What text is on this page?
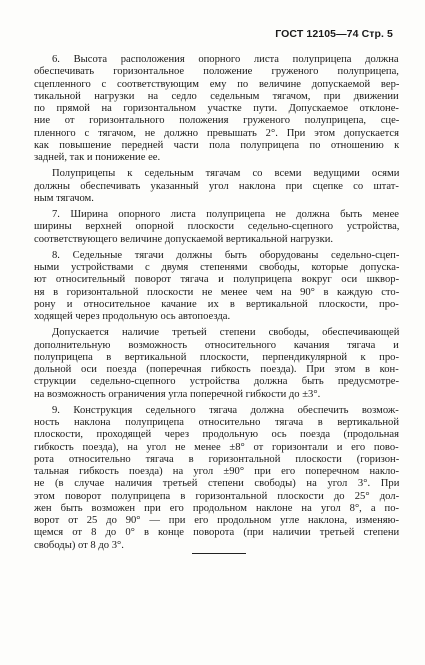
ГОСТ 12105—74 Стр. 5
6. Высота расположения опорного листа полуприцепа должна
обеспечивать горизонтальное положение груженого полуприцепа,
сцепленного с соответствующим ему по величине допускаемой вер-
тикальной нагрузки на седло седельным тягачом, при движении
по прямой на горизонтальном участке пути. Допускаемое отклоне-
ние от горизонтального положения груженого полуприцепа, сце-
пленного с тягачом, не должно превышать 2°. При этом допускается
как повышение передней части пола полуприцепа по отношению к
задней, так и понижение ее.
Полуприцепы к седельным тягачам со всеми ведущими осями
должны обеспечивать указанный угол наклона при сцепке со штат-
ным тягачом.
7. Ширина опорного листа полуприцепа не должна быть менее
ширины верхней опорной плоскости седельно-сцепного устройства,
соответствующего величине допускаемой вертикальной нагрузки.
8. Седельные тягачи должны быть оборудованы седельно-сцеп-
ными устройствами с двумя степенями свободы, которые допуска-
ют относительный поворот тягача и полуприцепа вокруг оси шквор-
ня в горизонтальной плоскости не менее чем на 90° в каждую сто-
рону и относительное качание их в вертикальной плоскости, про-
ходящей через продольную ось автопоезда.
Допускается наличие третьей степени свободы, обеспечивающей
дополнительную возможность относительного качания тягача и
полуприцепа в вертикальной плоскости, перпендикулярной к про-
дольной оси поезда (поперечная гибкость поезда). При этом в кон-
струкции седельно-сцепного устройства должна быть предусмотре-
на возможность ограничения угла поперечной гибкости до ±3°.
9. Конструкция седельного тягача должна обеспечить возмож-
ность наклона полуприцепа относительно тягача в вертикальной
плоскости, проходящей через продольную ось поезда (продольная
гибкость поезда), на угол не менее ±8° от горизонтали и его пово-
рота относительно тягача в горизонтальной плоскости (горизон-
тальная гибкость поезда) на угол ±90° при его поперечном накло-
не (в случае наличия третьей степени свободы) на угол 3°. При
этом поворот полуприцепа в горизонтальной плоскости до 25° дол-
жен быть возможен при его продольном наклоне на угол 8°, а по-
ворот от 25 до 90° — при его продольном угле наклона, изменяю-
щемся от 8 до 0° в конце поворота (при наличии третьей степени
свободы) от 8 до 3°.
